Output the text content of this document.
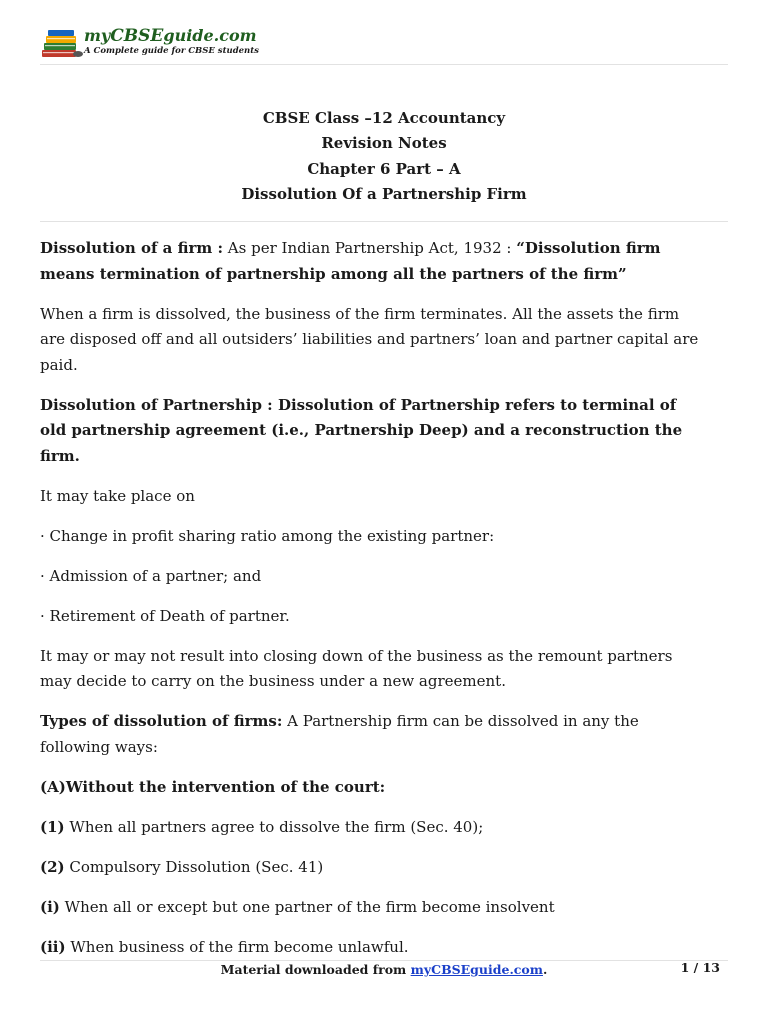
myCBSEguide.com
A Complete guide for CBSE students
CBSE Class –12 Accountancy
Revision Notes
Chapter 6 Part – A
Dissolution Of a Partnership Firm

Dissolution of a firm : As per Indian Partnership Act, 1932 : “Dissolution firm means termination of partnership among all the partners of the firm”

When a firm is dissolved, the business of the firm terminates. All the assets the firm are disposed off and all outsiders’ liabilities and partners’ loan and partner capital are paid.

Dissolution of Partnership : Dissolution of Partnership refers to terminal of old partnership agreement (i.e., Partnership Deep) and a reconstruction the firm.

It may take place on

· Change in profit sharing ratio among the existing partner:

· Admission of a partner; and

· Retirement of Death of partner.

It may or may not result into closing down of the business as the remount partners may decide to carry on the business under a new agreement.

Types of dissolution of firms: A Partnership firm can be dissolved in any the following ways:

(A)Without the intervention of the court:

(1) When all partners agree to dissolve the firm (Sec. 40);

(2) Compulsory Dissolution (Sec. 41)

(i) When all or except but one partner of the firm become insolvent

(ii) When business of the firm become unlawful.

Material downloaded from myCBSEguide.com.	1 / 13
